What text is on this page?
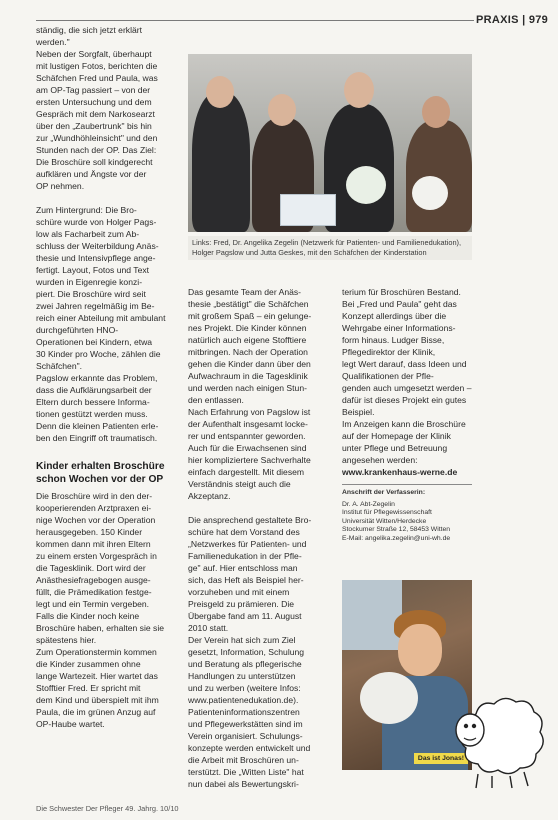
PRAXIS | 979
ständig, die sich jetzt erklärt
werden."
Neben der Sorgfalt, überhaupt
mit lustigen Fotos, berichten die
Schäfchen Fred und Paula, was
am OP-Tag passiert – von der
ersten Untersuchung und dem
Gespräch mit dem Narkosearzt
über den „Zaubertrunk" bis hin
zur „Wundhöhleinsicht" und den
Stunden nach der OP. Das Ziel:
Die Broschüre soll kindgerecht
aufklären und Ängste vor der
OP nehmen.
Zum Hintergrund: Die Bro-
schüre wurde von Holger Pags-
low als Facharbeit zum Ab-
schluss der Weiterbildung Anäs-
thesie und Intensivpflege ange-
fertigt. Layout, Fotos und Text
wurden in Eigenregie konzi-
piert. Die Broschüre wird seit
zwei Jahren regelmäßig im Be-
reich einer Abteilung mit ambulant
durchgeführten HNO-
Operationen bei Kindern, etwa
30 Kinder pro Woche, zählen die
Schäfchen".
Pagslow erkannte das Problem,
dass die Aufklärungsarbeit der
Eltern durch bessere Informa-
tionen gestützt werden muss.
Denn die kleinen Patienten erle-
ben den Eingriff oft traumatisch.
Kinder erhalten Broschüre schon Wochen vor der OP
Die Broschüre wird in den der-
kooperierenden Arztpraxen ei-
nige Wochen vor der Operation
herausgegeben. 150 Kinder
kommen dann mit ihren Eltern
zu einem ersten Vorgespräch in
die Tagesklinik. Dort wird der
Anästhesiefragebogen ausge-
füllt, die Prämedikation festge-
legt und ein Termin vergeben.
Falls die Kinder noch keine
Broschüre haben, erhalten sie sie
spätestens hier.
Zum Operationstermin kommen
die Kinder zusammen ohne
lange Wartezeit. Hier wartet das
Stofftier Fred. Er spricht mit
dem Kind und überspielt mit ihm
Paula, die im grünen Anzug auf
OP-Haube wartet.
Links: Fred, Dr. Angelika Zegelin (Netzwerk für Patienten- und Familienedukation), Holger Pagslow und Jutta Geskes, mit den Schäfchen der Kinderstation
Das gesamte Team der Anäs-
thesie „bestätigt" die Schäfchen
mit großem Spaß – ein gelunge-
nes Projekt. Die Kinder können
natürlich auch eigene Stofftiere
mitbringen. Nach der Operation
gehen die Kinder dann über den
Aufwachraum in die Tagesklinik
und werden nach einigen Stun-
den entlassen.
Nach Erfahrung von Pagslow ist
der Aufenthalt insgesamt locke-
rer und entspannter geworden.
Auch für die Erwachsenen sind
hier kompliziertere Sachverhalte
einfach dargestellt. Mit diesem
Verständnis steigt auch die
Akzeptanz.
Die ansprechend gestaltete Bro-
schüre hat dem Vorstand des
„Netzwerkes für Patienten- und
Familienedukation in der Pfle-
ge" auf. Hier entschloss man
sich, das Heft als Beispiel her-
vorzuheben und mit einem
Preisgeld zu prämieren. Die
Übergabe fand am 11. August
2010 statt.
Der Verein hat sich zum Ziel
gesetzt, Information, Schulung
und Beratung als pflegerische
Handlungen zu unterstützen
und zu werben (weitere Infos:
www.patientenedukation.de).
Patienteninformationszentren
und Pflegewerkstätten sind im
Verein organisiert. Schulungs-
konzepte werden entwickelt und
die Arbeit mit Broschüren un-
terstützt. Die „Witten Liste" hat
nun dabei als Bewertungskri-
terium für Broschüren Bestand.
Bei „Fred und Paula" geht das
Konzept allerdings über die
Wehrgabe einer Informations-
form hinaus. Ludger Bisse,
Pflegedirektor der Klinik,
legt Wert darauf, dass Ideen und
Qualifikationen der Pfle-
genden auch umgesetzt werden –
dafür ist dieses Projekt ein gutes
Beispiel.
Im Anzeigen kann die Broschüre
auf der Homepage der Klinik
unter Pflege und Betreuung
angesehen werden:
www.krankenhaus-werne.de
Anschrift der Verfasserin:
Dr. A. Abt-Zegelin
Institut für Pflegewissenschaft
Universität Witten/Herdecke
Stockumer Straße 12, 58453 Witten
E-Mail: angelika.zegelin@uni-wh.de
Das ist Jonas!
Die Schwester Der Pfleger 49. Jahrg. 10/10
